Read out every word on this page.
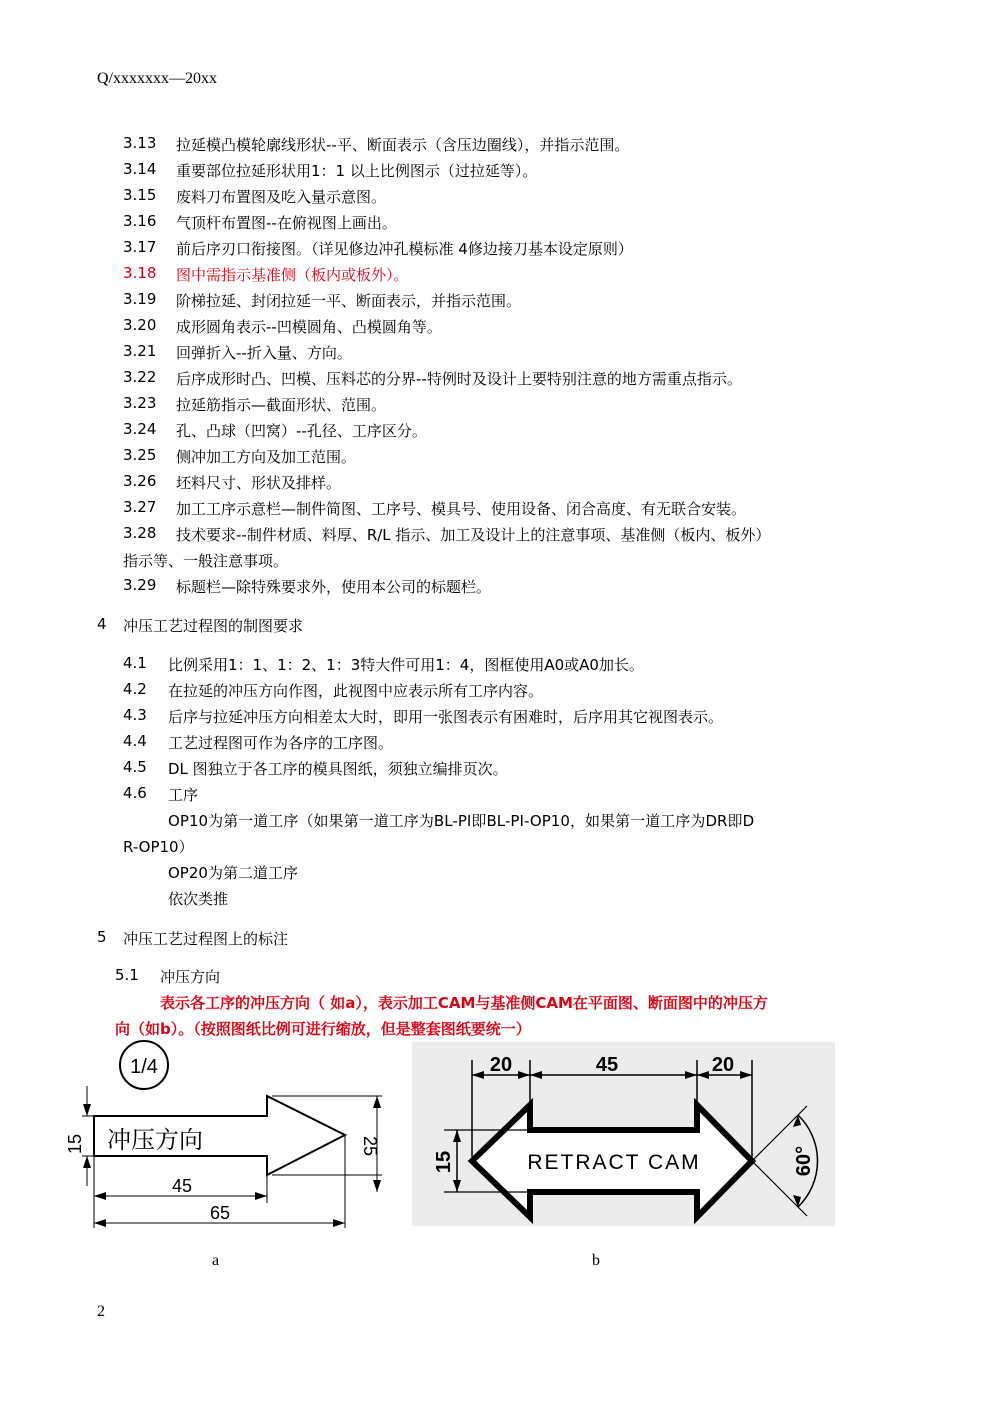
Q/xxxxxxx—20xx
3.13 拉延模凸模轮廓线形状--平、断面表示（含压边圈线），并指示范围。
3.14 重要部位拉延形状用1：1 以上比例图示（过拉延等）。
3.15 废料刀布置图及吃入量示意图。
3.16 气顶杆布置图--在俯视图上画出。
3.17 前后序刃口衔接图。（详见修边冲孔模标准 4修边接刀基本设定原则）
3.18 图中需指示基准侧（板内或板外）。
3.19 阶梯拉延、封闭拉延一平、断面表示，并指示范围。
3.20 成形圆角表示--凹模圆角、凸模圆角等。
3.21 回弹折入--折入量、方向。
3.22 后序成形时凸、凹模、压料芯的分界--特例时及设计上要特别注意的地方需重点指示。
3.23 拉延筋指示—截面形状、范围。
3.24 孔、凸球（凹窝）--孔径、工序区分。
3.25 侧冲加工方向及加工范围。
3.26 坯料尺寸、形状及排样。
3.27 加工工序示意栏—制件简图、工序号、模具号、使用设备、闭合高度、有无联合安装。
3.28 技术要求--制件材质、料厚、R/L 指示、加工及设计上的注意事项、基准侧（板内、板外）
指示等、一般注意事项。
3.29 标题栏—除特殊要求外，使用本公司的标题栏。
4 冲压工艺过程图的制图要求
4.1 比例采用1：1、1：2、1：3特大件可用1：4，图框使用A0或A0加长。
4.2 在拉延的冲压方向作图，此视图中应表示所有工序内容。
4.3 后序与拉延冲压方向相差太大时，即用一张图表示有困难时，后序用其它视图表示。
4.4 工艺过程图可作为各序的工序图。
4.5 DL 图独立于各工序的模具图纸，须独立编排页次。
4.6 工序
OP10为第一道工序（如果第一道工序为BL-PI即BL-PI-OP10，如果第一道工序为DR即D
R-OP10）
OP20为第二道工序
依次类推
5 冲压工艺过程图上的标注
5.1 冲压方向
表示各工序的冲压方向（ 如a），表示加工CAM与基准侧CAM在平面图、断面图中的冲压方
向（如b）。（按照图纸比例可进行缩放，但是整套图纸要统一）
1/4
冲压方向
15	25
45
65
a
RETRACT CAM
20	45	20
15	60°
b
2
